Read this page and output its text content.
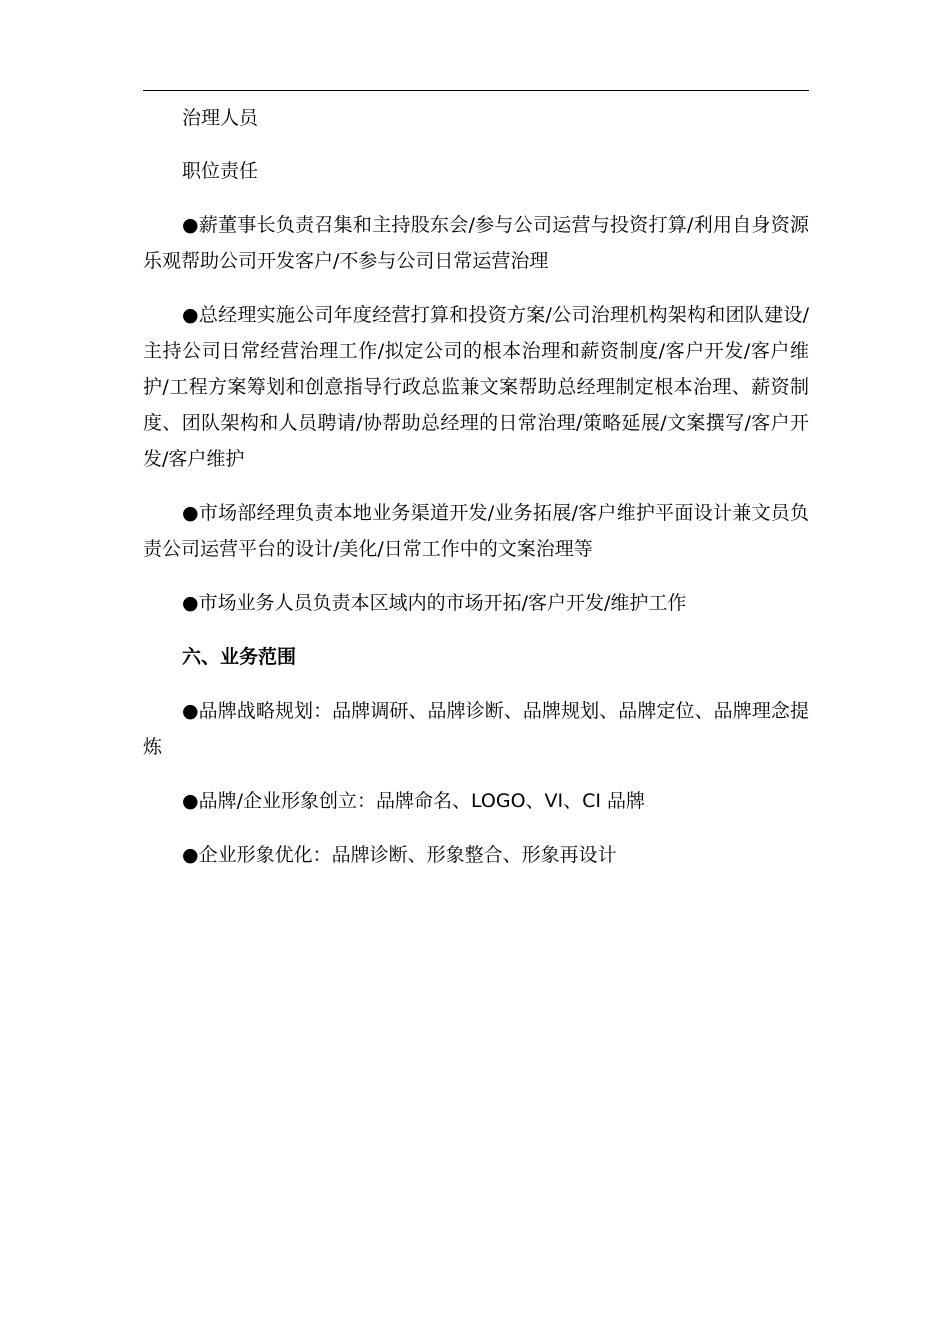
治理人员

职位责任

●薪董事长负责召集和主持股东会/参与公司运营与投资打算/利用自身资源乐观帮助公司开发客户/不参与公司日常运营治理

●总经理实施公司年度经营打算和投资方案/公司治理机构架构和团队建设/主持公司日常经营治理工作/拟定公司的根本治理和薪资制度/客户开发/客户维护/工程方案筹划和创意指导行政总监兼文案帮助总经理制定根本治理、薪资制度、团队架构和人员聘请/协帮助总经理的日常治理/策略延展/文案撰写/客户开发/客户维护

●市场部经理负责本地业务渠道开发/业务拓展/客户维护平面设计兼文员负责公司运营平台的设计/美化/日常工作中的文案治理等

●市场业务人员负责本区域内的市场开拓/客户开发/维护工作

六、业务范围

●品牌战略规划：品牌调研、品牌诊断、品牌规划、品牌定位、品牌理念提炼

●品牌/企业形象创立：品牌命名、LOGO、VI、CI 品牌

●企业形象优化：品牌诊断、形象整合、形象再设计
